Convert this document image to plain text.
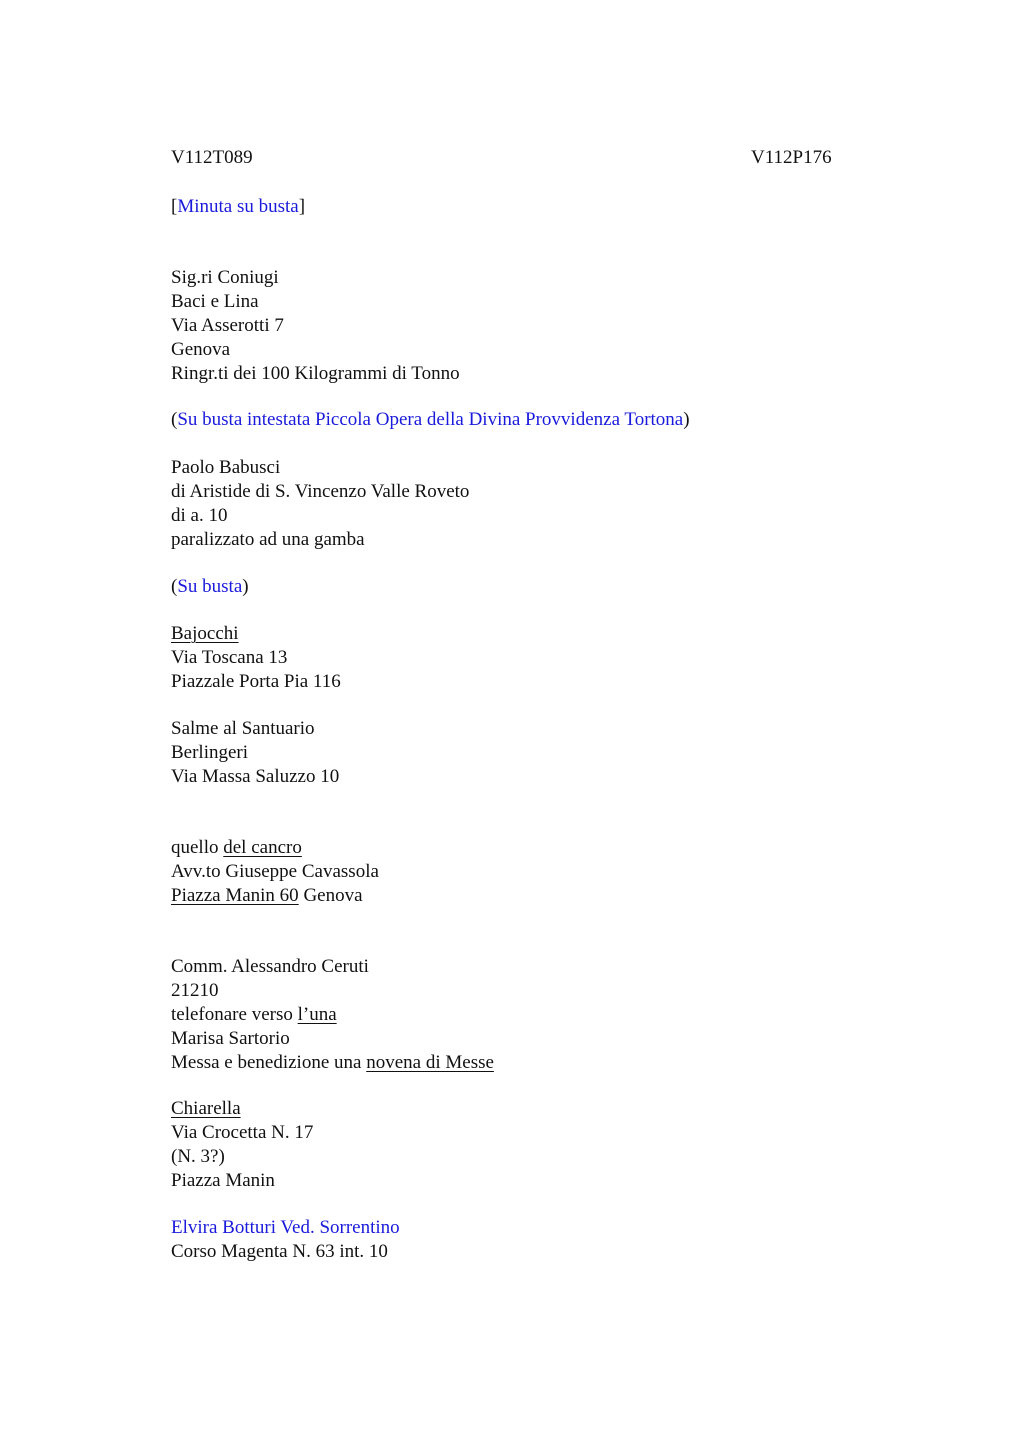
V112T089	V112P176
[Minuta su busta]
Sig.ri Coniugi
Baci e Lina
Via Asserotti 7
Genova
Ringr.ti dei 100 Kilogrammi di Tonno
(Su busta intestata Piccola Opera della Divina Provvidenza Tortona)
Paolo Babusci
di Aristide di S. Vincenzo Valle Roveto
di a. 10
paralizzato ad una gamba
(Su busta)
Bajocchi
Via Toscana 13
Piazzale Porta Pia 116
Salme al Santuario
Berlingeri
Via Massa Saluzzo 10
quello del cancro
Avv.to Giuseppe Cavassola
Piazza Manin 60 Genova
Comm. Alessandro Ceruti
21210
telefonare verso l’una
Marisa Sartorio
Messa e benedizione una novena di Messe
Chiarella
Via Crocetta N. 17
(N. 3?)
Piazza Manin
Elvira Botturi Ved. Sorrentino
Corso Magenta N. 63 int. 10
